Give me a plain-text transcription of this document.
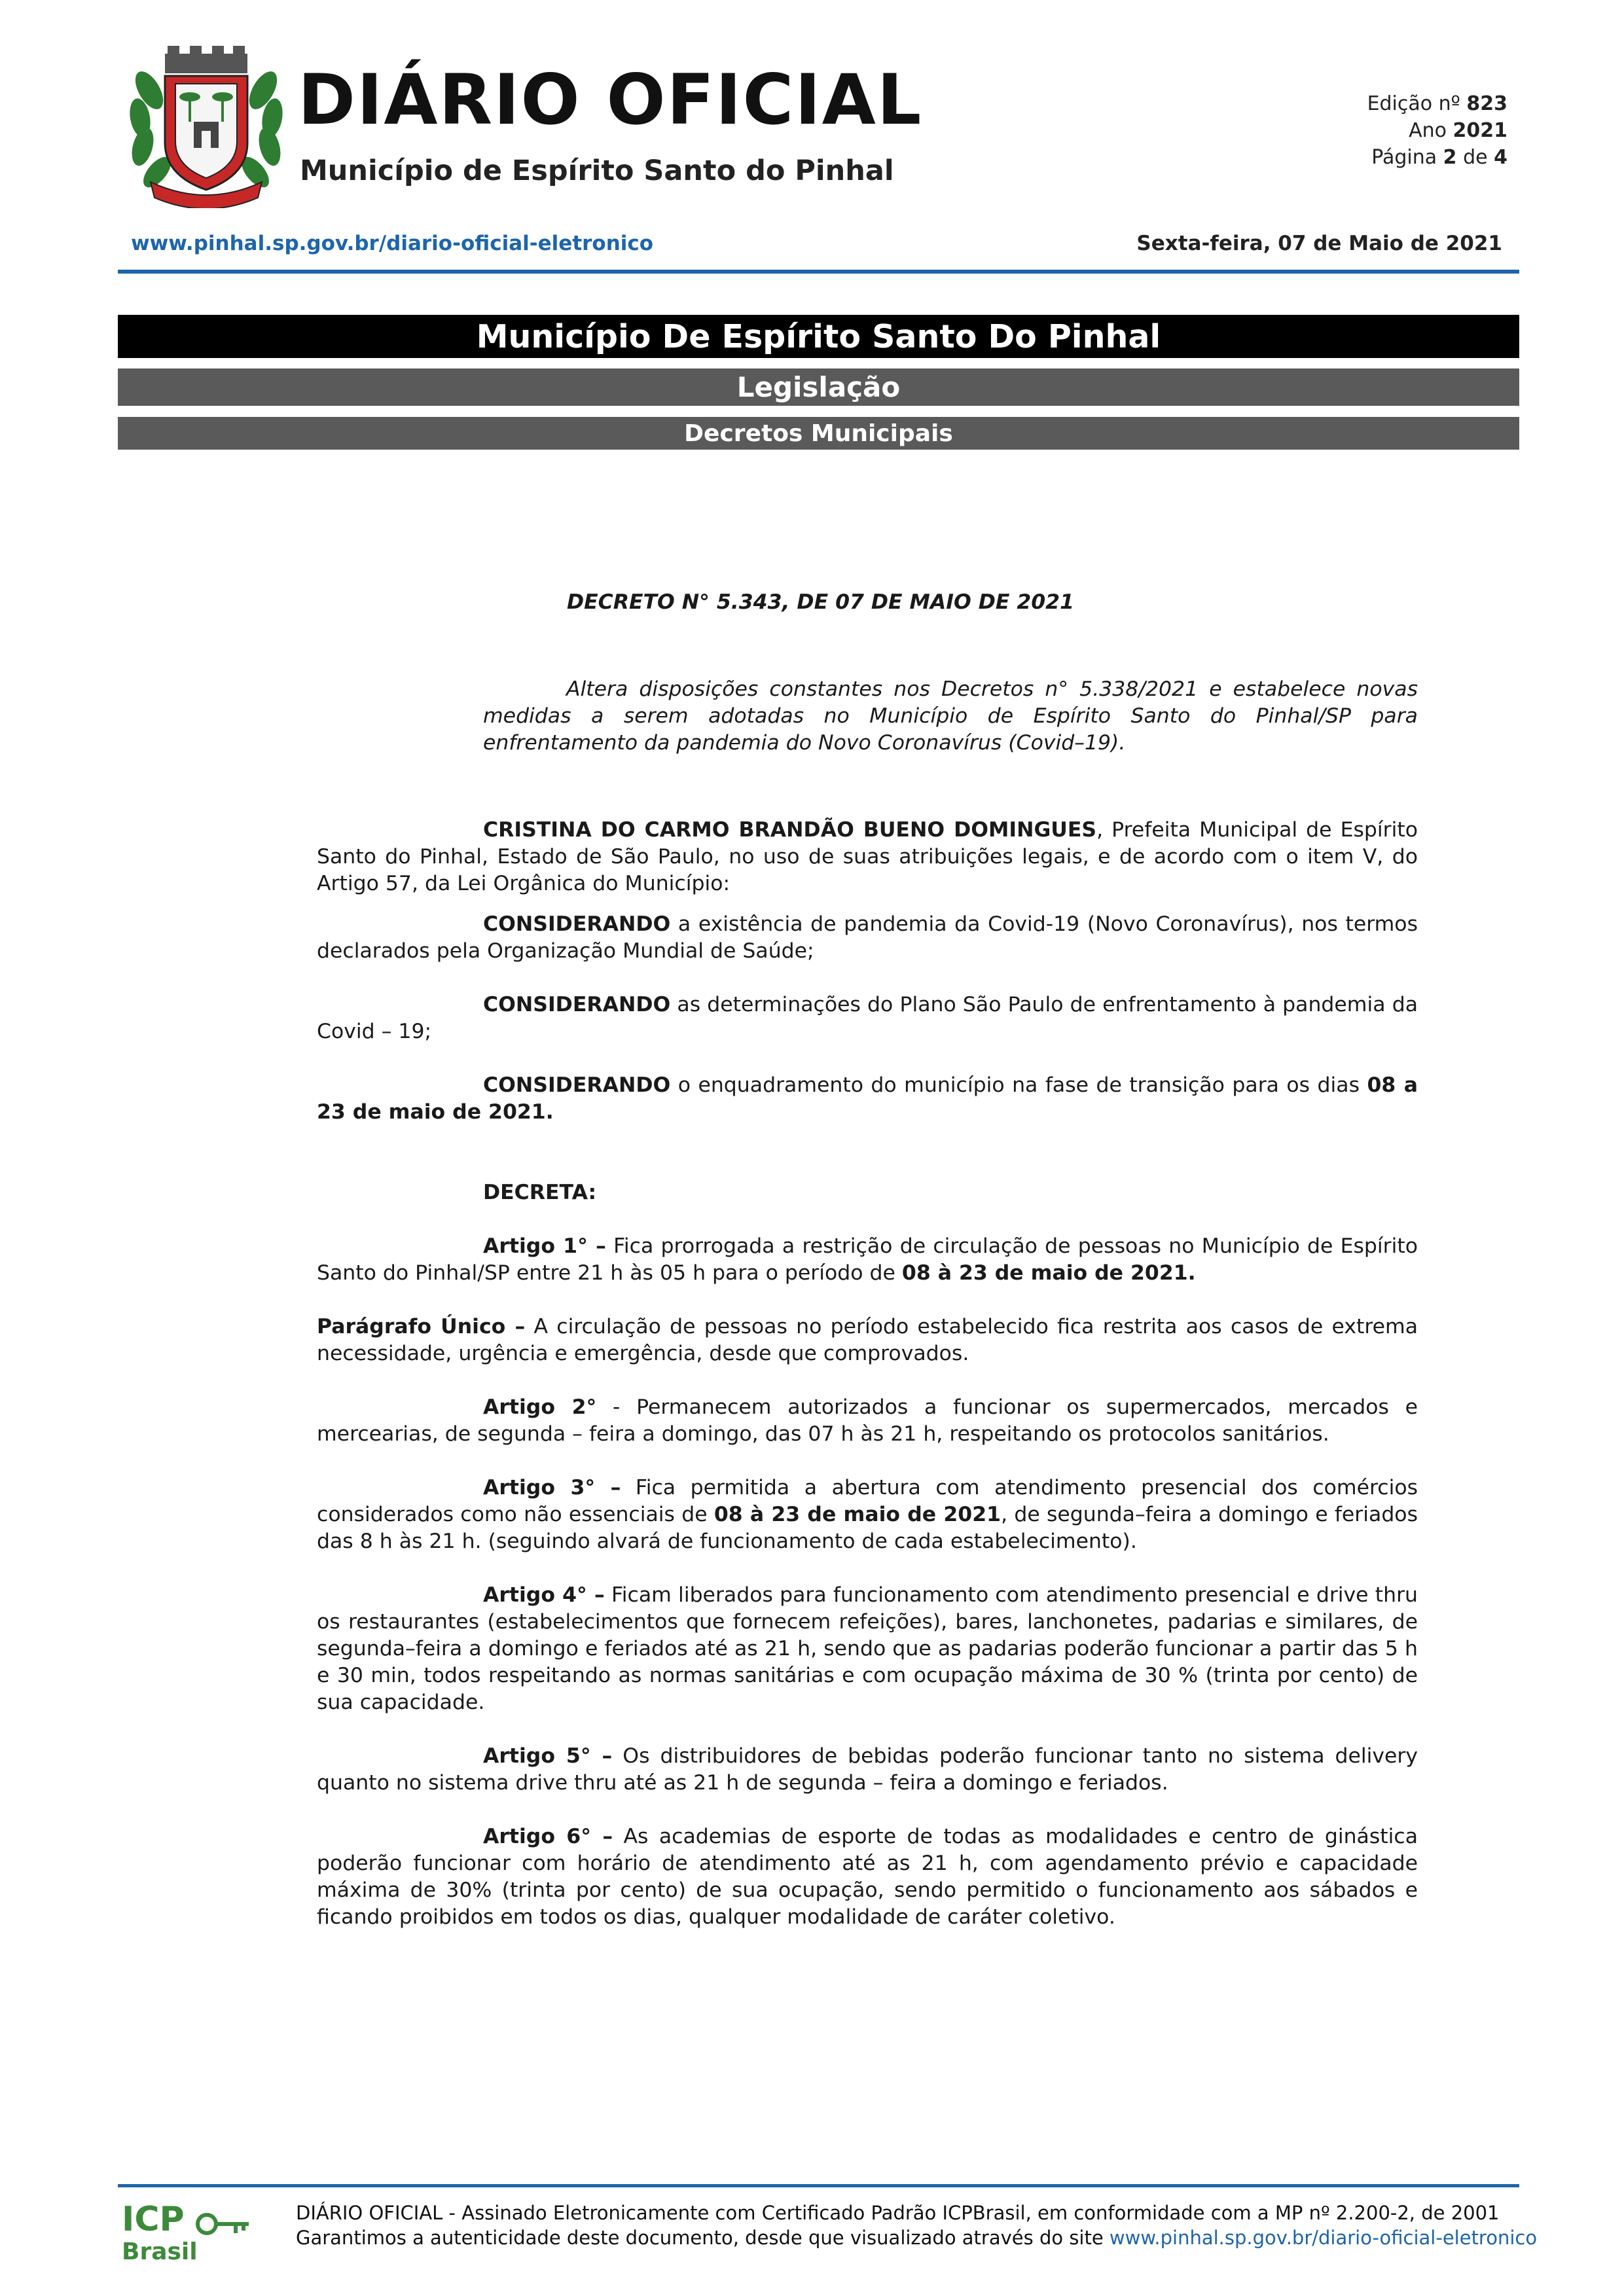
DIÁRIO OFICIAL
Município de Espírito Santo do Pinhal
Edição nº 823
Ano 2021
Página 2 de 4
www.pinhal.sp.gov.br/diario-oficial-eletronico	Sexta-feira, 07 de Maio de 2021
Município De Espírito Santo Do Pinhal
Legislação
Decretos Municipais

DECRETO N° 5.343, DE 07 DE MAIO DE 2021

Altera disposições constantes nos Decretos n° 5.338/2021 e estabelece novas medidas a serem adotadas no Município de Espírito Santo do Pinhal/SP para enfrentamento da pandemia do Novo Coronavírus (Covid–19).

CRISTINA DO CARMO BRANDÃO BUENO DOMINGUES, Prefeita Municipal de Espírito Santo do Pinhal, Estado de São Paulo, no uso de suas atribuições legais, e de acordo com o item V, do Artigo 57, da Lei Orgânica do Município:

CONSIDERANDO a existência de pandemia da Covid-19 (Novo Coronavírus), nos termos declarados pela Organização Mundial de Saúde;

CONSIDERANDO as determinações do Plano São Paulo de enfrentamento à pandemia da Covid – 19;

CONSIDERANDO o enquadramento do município na fase de transição para os dias 08 a 23 de maio de 2021.

DECRETA:

Artigo 1° – Fica prorrogada a restrição de circulação de pessoas no Município de Espírito Santo do Pinhal/SP entre 21 h às 05 h para o período de 08 à 23 de maio de 2021.

Parágrafo Único – A circulação de pessoas no período estabelecido fica restrita aos casos de extrema necessidade, urgência e emergência, desde que comprovados.

Artigo 2° - Permanecem autorizados a funcionar os supermercados, mercados e mercearias, de segunda – feira a domingo, das 07 h às 21 h, respeitando os protocolos sanitários.

Artigo 3° – Fica permitida a abertura com atendimento presencial dos comércios considerados como não essenciais de 08 à 23 de maio de 2021, de segunda–feira a domingo e feriados das 8 h às 21 h. (seguindo alvará de funcionamento de cada estabelecimento).

Artigo 4° – Ficam liberados para funcionamento com atendimento presencial e drive thru os restaurantes (estabelecimentos que fornecem refeições), bares, lanchonetes, padarias e similares, de segunda–feira a domingo e feriados até as 21 h, sendo que as padarias poderão funcionar a partir das 5 h e 30 min, todos respeitando as normas sanitárias e com ocupação máxima de 30 % (trinta por cento) de sua capacidade.

Artigo 5° – Os distribuidores de bebidas poderão funcionar tanto no sistema delivery quanto no sistema drive thru até as 21 h de segunda – feira a domingo e feriados.

Artigo 6° – As academias de esporte de todas as modalidades e centro de ginástica poderão funcionar com horário de atendimento até as 21 h, com agendamento prévio e capacidade máxima de 30% (trinta por cento) de sua ocupação, sendo permitido o funcionamento aos sábados e ficando proibidos em todos os dias, qualquer modalidade de caráter coletivo.

ICP
Brasil
DIÁRIO OFICIAL - Assinado Eletronicamente com Certificado Padrão ICPBrasil, em conformidade com a MP nº 2.200-2, de 2001
Garantimos a autenticidade deste documento, desde que visualizado através do site www.pinhal.sp.gov.br/diario-oficial-eletronico
